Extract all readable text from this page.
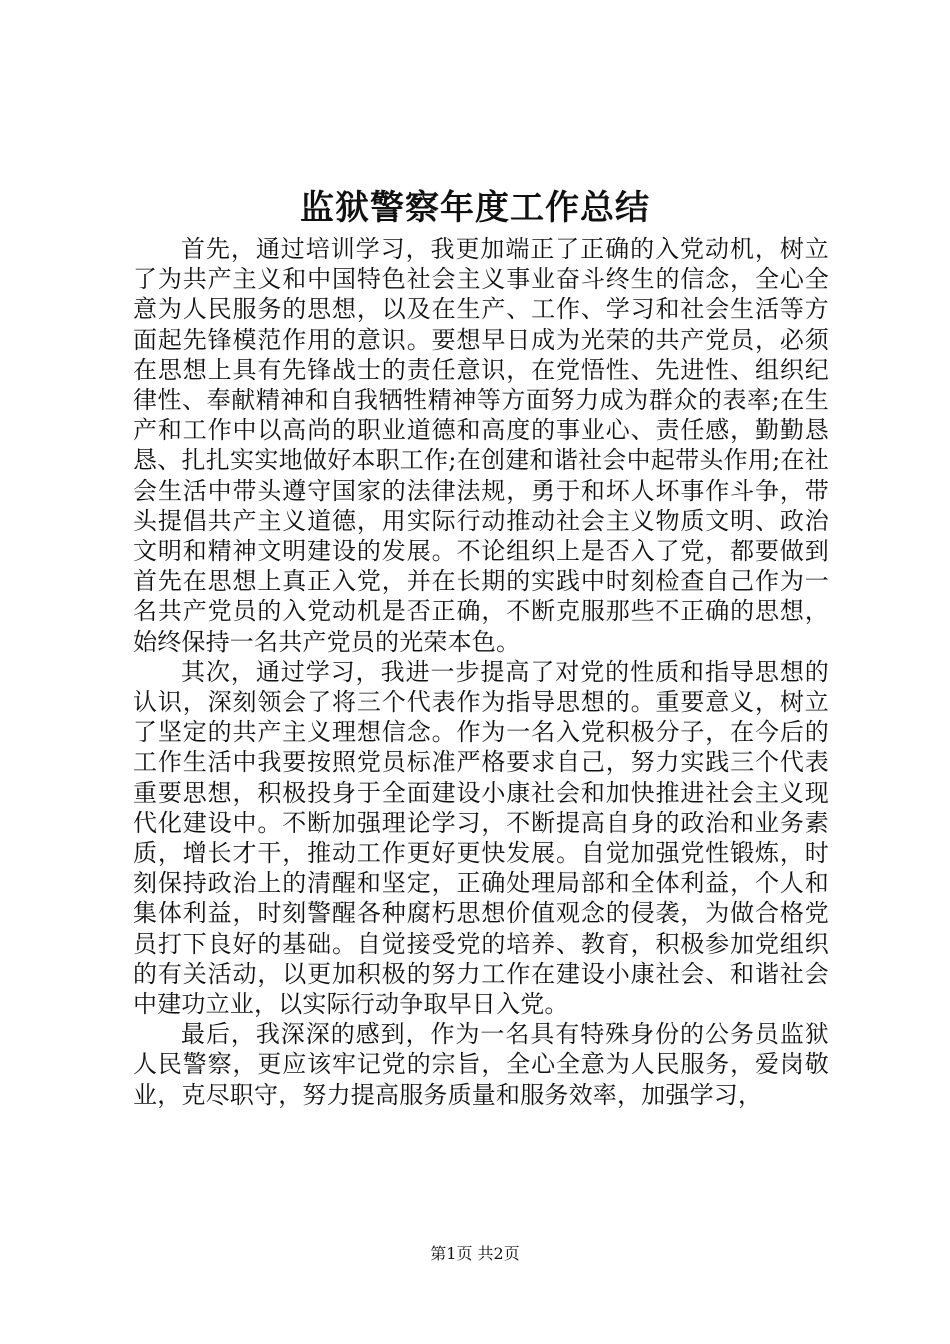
监狱警察年度工作总结

首先，通过培训学习，我更加端正了正确的入党动机，树立了为共产主义和中国特色社会主义事业奋斗终生的信念，全心全意为人民服务的思想，以及在生产、工作、学习和社会生活等方面起先锋模范作用的意识。要想早日成为光荣的共产党员，必须在思想上具有先锋战士的责任意识，在党悟性、先进性、组织纪律性、奉献精神和自我牺牲精神等方面努力成为群众的表率;在生产和工作中以高尚的职业道德和高度的事业心、责任感，勤勤恳恳、扎扎实实地做好本职工作;在创建和谐社会中起带头作用;在社会生活中带头遵守国家的法律法规，勇于和坏人坏事作斗争，带头提倡共产主义道德，用实际行动推动社会主义物质文明、政治文明和精神文明建设的发展。不论组织上是否入了党，都要做到首先在思想上真正入党，并在长期的实践中时刻检查自己作为一名共产党员的入党动机是否正确，不断克服那些不正确的思想，始终保持一名共产党员的光荣本色。

其次，通过学习，我进一步提高了对党的性质和指导思想的认识，深刻领会了将三个代表作为指导思想的。重要意义，树立了坚定的共产主义理想信念。作为一名入党积极分子，在今后的工作生活中我要按照党员标准严格要求自己，努力实践三个代表重要思想，积极投身于全面建设小康社会和加快推进社会主义现代化建设中。不断加强理论学习，不断提高自身的政治和业务素质，增长才干，推动工作更好更快发展。自觉加强党性锻炼，时刻保持政治上的清醒和坚定，正确处理局部和全体利益，个人和集体利益，时刻警醒各种腐朽思想价值观念的侵袭，为做合格党员打下良好的基础。自觉接受党的培养、教育，积极参加党组织的有关活动，以更加积极的努力工作在建设小康社会、和谐社会中建功立业，以实际行动争取早日入党。

最后，我深深的感到，作为一名具有特殊身份的公务员监狱人民警察，更应该牢记党的宗旨，全心全意为人民服务，爱岗敬业，克尽职守，努力提高服务质量和服务效率，加强学习，

第1页 共2页
